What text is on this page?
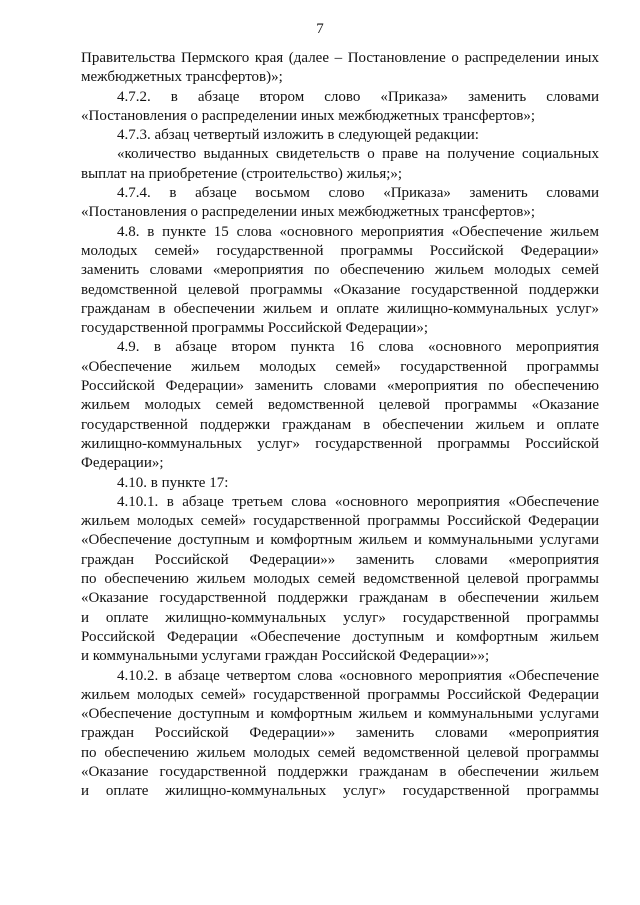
7
Правительства Пермского края (далее – Постановление о распределении иных
межбюджетных трансфертов)»;
4.7.2. в абзаце втором слово «Приказа» заменить словами
«Постановления о распределении иных межбюджетных трансфертов»;
4.7.3. абзац четвертый изложить в следующей редакции:
«количество выданных свидетельств о праве на получение социальных
выплат на приобретение (строительство) жилья;»;
4.7.4. в абзаце восьмом слово «Приказа» заменить словами
«Постановления о распределении иных межбюджетных трансфертов»;
4.8. в пункте 15 слова «основного мероприятия «Обеспечение жильем
молодых семей» государственной программы Российской Федерации»
заменить словами «мероприятия по обеспечению жильем молодых семей
ведомственной целевой программы «Оказание государственной поддержки
гражданам в обеспечении жильем и оплате жилищно-коммунальных услуг»
государственной программы Российской Федерации»;
4.9. в абзаце втором пункта 16 слова «основного мероприятия
«Обеспечение жильем молодых семей» государственной программы
Российской Федерации» заменить словами «мероприятия по обеспечению
жильем молодых семей ведомственной целевой программы «Оказание
государственной поддержки гражданам в обеспечении жильем и оплате
жилищно-коммунальных услуг» государственной программы Российской
Федерации»;
4.10. в пункте 17:
4.10.1. в абзаце третьем слова «основного мероприятия «Обеспечение
жильем молодых семей» государственной программы Российской Федерации
«Обеспечение доступным и комфортным жильем и коммунальными услугами
граждан Российской Федерации»» заменить словами «мероприятия
по обеспечению жильем молодых семей ведомственной целевой программы
«Оказание государственной поддержки гражданам в обеспечении жильем
и оплате жилищно-коммунальных услуг» государственной программы
Российской Федерации «Обеспечение доступным и комфортным жильем
и коммунальными услугами граждан Российской Федерации»»;
4.10.2. в абзаце четвертом слова «основного мероприятия «Обеспечение
жильем молодых семей» государственной программы Российской Федерации
«Обеспечение доступным и комфортным жильем и коммунальными услугами
граждан Российской Федерации»» заменить словами «мероприятия
по обеспечению жильем молодых семей ведомственной целевой программы
«Оказание государственной поддержки гражданам в обеспечении жильем
и оплате жилищно-коммунальных услуг» государственной программы
